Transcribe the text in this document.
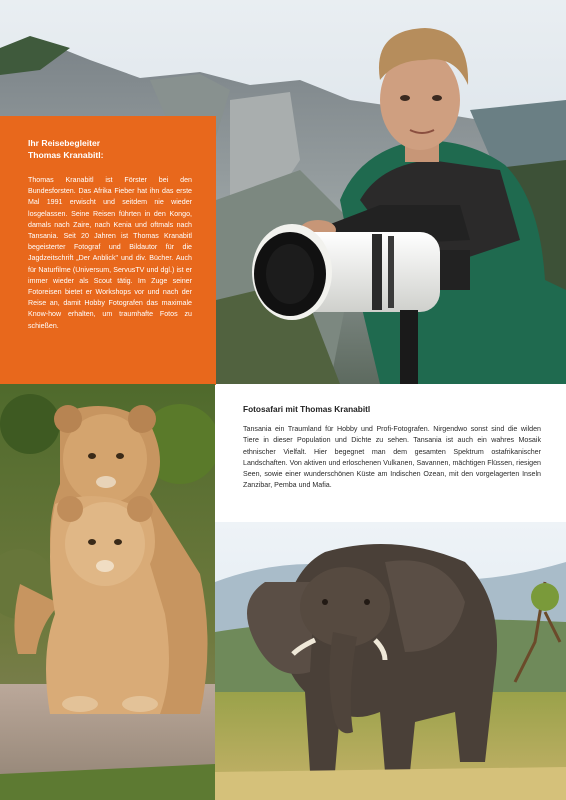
Ihr Reisebegleiter
Thomas Kranabitl:

Thomas Kranabitl ist Förster bei den Bundesforsten. Das Afrika Fieber hat ihn das erste Mal 1991 erwischt und seitdem nie wieder losgelassen. Seine Reisen führten in den Kongo, damals nach Zaire, nach Kenia und oftmals nach Tansania. Seit 20 Jahren ist Thomas Kranabitl begeisterter Fotograf und Bildautor für die Jagdzeitschrift „Der Anblick" und div. Bücher. Auch für Naturfilme (Universum, ServusTV und dgl.) ist er immer wieder als Scout tätig. Im Zuge seiner Fotoreisen bietet er Workshops vor und nach der Reise an, damit Hobby Fotografen das maximale Know-how erhalten, um traumhafte Fotos zu schießen.

Fotosafari mit Thomas Kranabitl

Tansania ein Traumland für Hobby und Profi-Fotografen. Nirgendwo sonst sind die wilden Tiere in dieser Population und Dichte zu sehen. Tansania ist auch ein wahres Mosaik ethnischer Vielfalt. Hier begegnet man dem gesamten Spektrum ostafrikanischer Landschaften. Von aktiven und erloschenen Vulkanen, Savannen, mächtigen Flüssen, riesigen Seen, sowie einer wunderschönen Küste am Indischen Ozean, mit den vorgelagerten Inseln Zanzibar, Pemba und Mafia.
